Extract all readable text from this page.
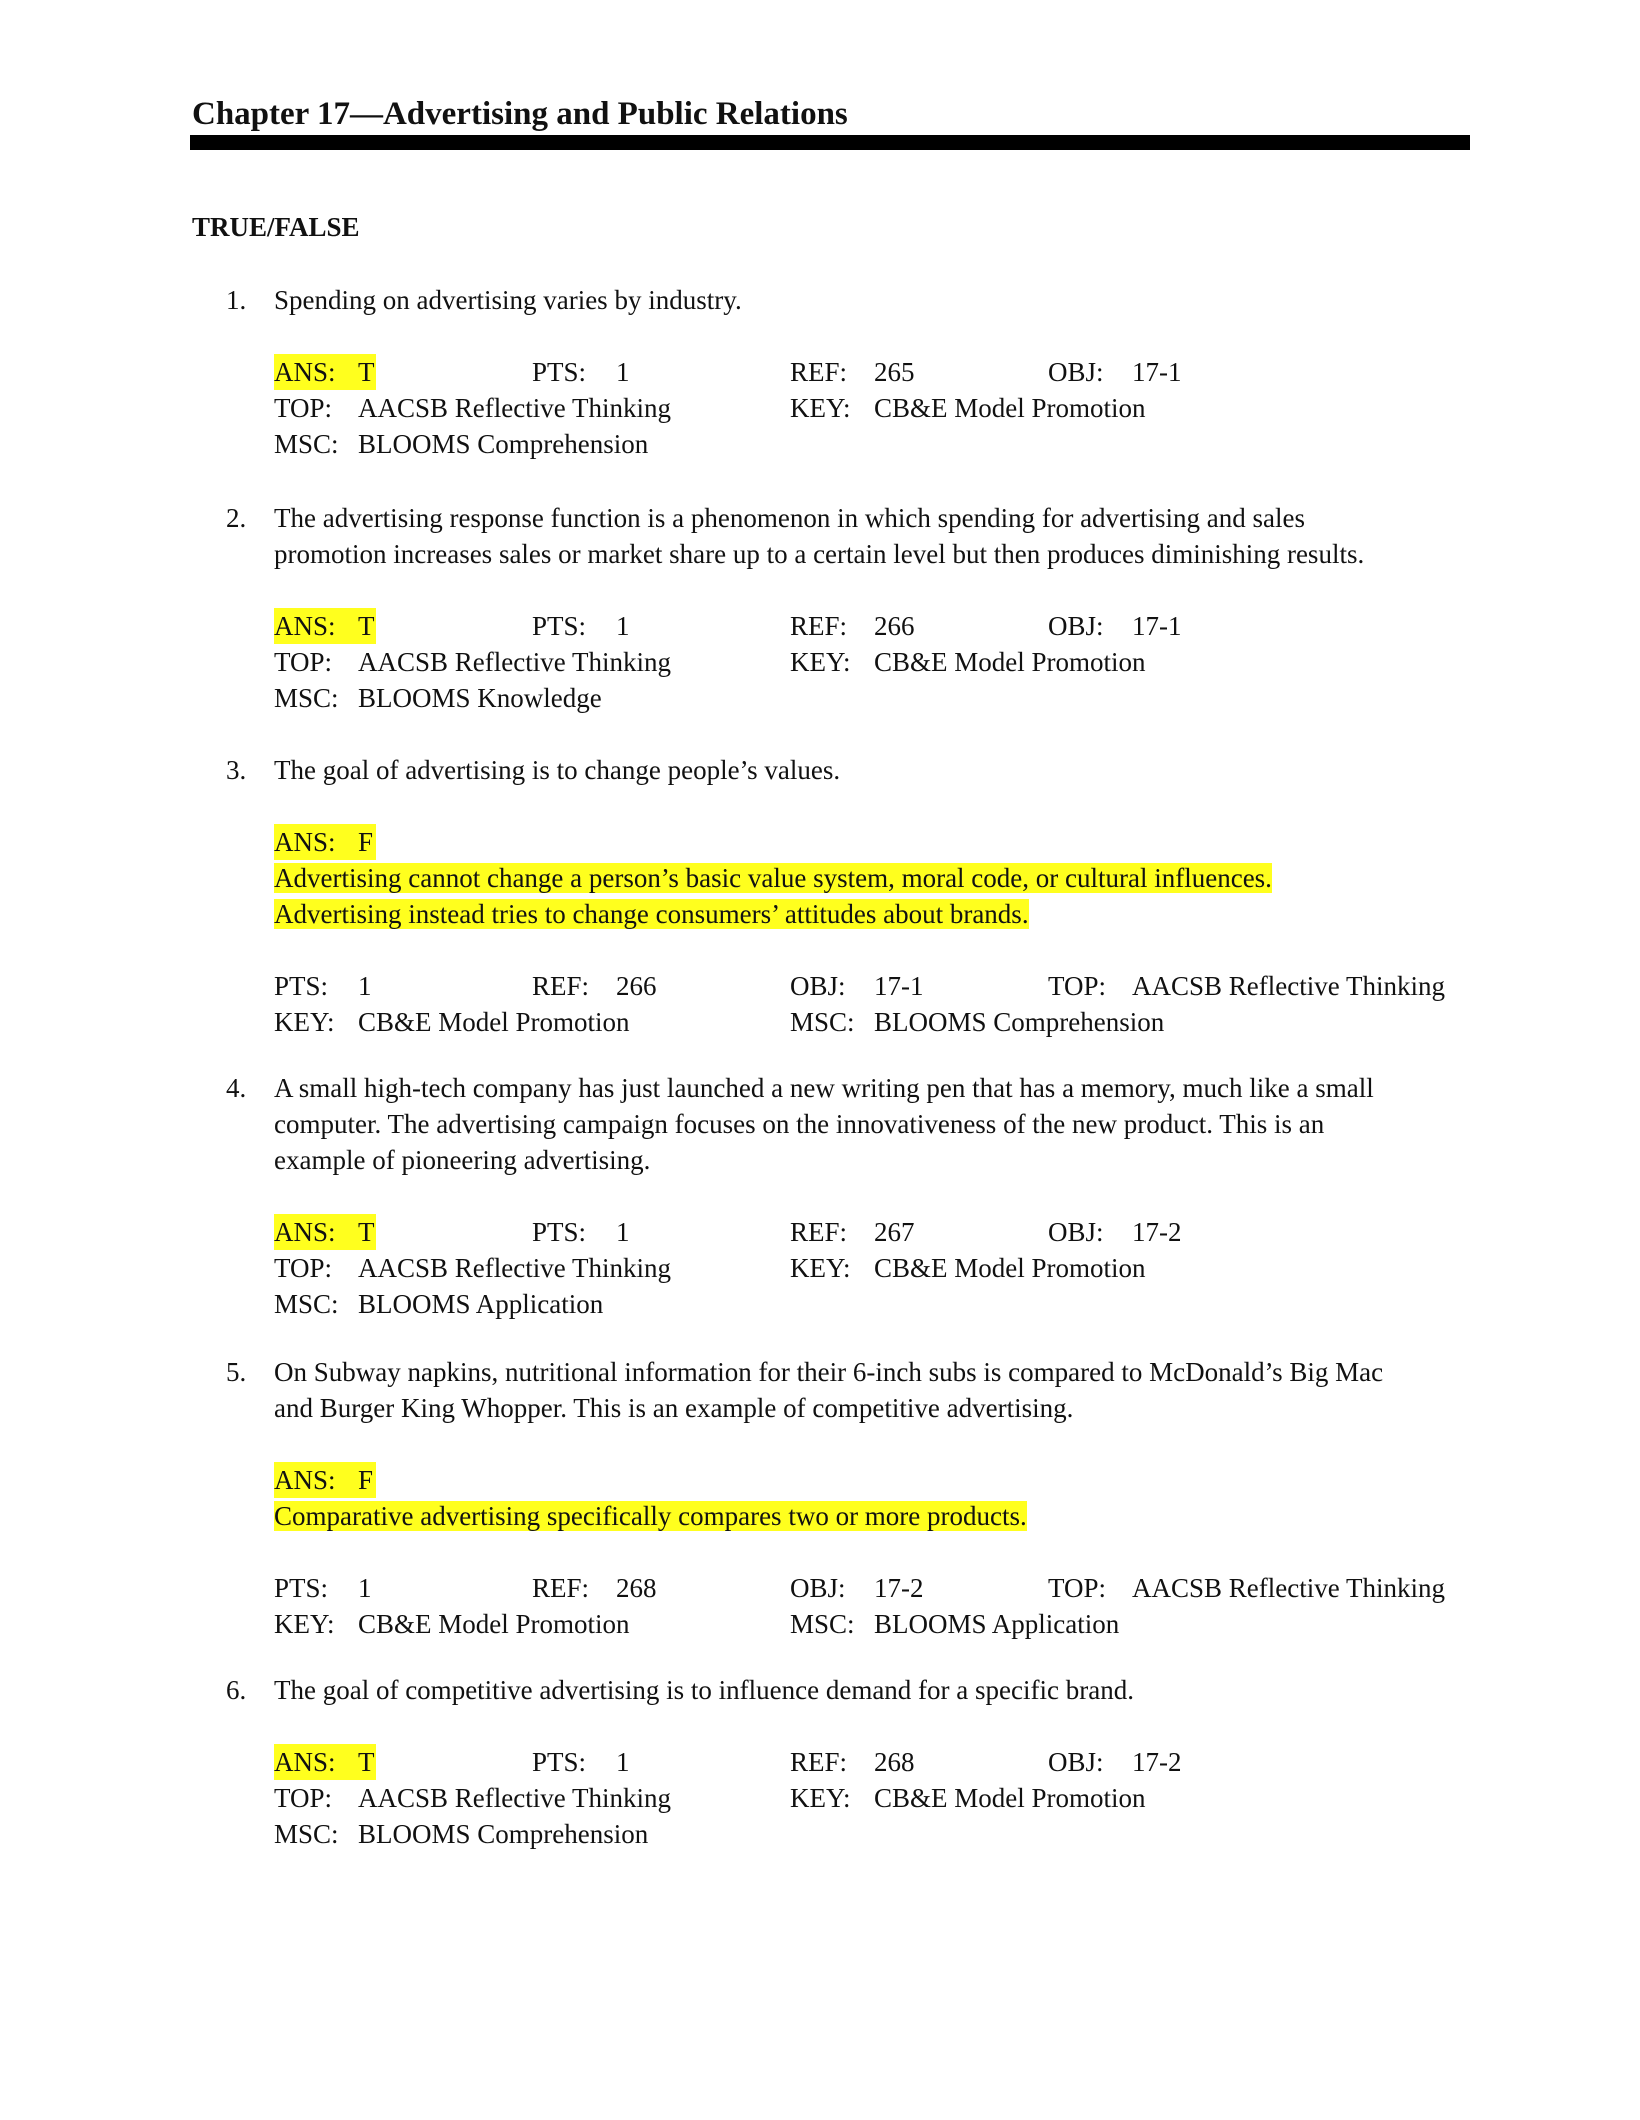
Chapter 17—Advertising and Public Relations
TRUE/FALSE
1. Spending on advertising varies by industry.
ANS: T	PTS: 1	REF: 265	OBJ: 17-1
TOP: AACSB Reflective Thinking	KEY: CB&E Model Promotion
MSC: BLOOMS Comprehension
2. The advertising response function is a phenomenon in which spending for advertising and sales
promotion increases sales or market share up to a certain level but then produces diminishing results.
ANS: T	PTS: 1	REF: 266	OBJ: 17-1
TOP: AACSB Reflective Thinking	KEY: CB&E Model Promotion
MSC: BLOOMS Knowledge
3. The goal of advertising is to change people’s values.
ANS: F
Advertising cannot change a person’s basic value system, moral code, or cultural influences.
Advertising instead tries to change consumers’ attitudes about brands.
PTS: 1	REF: 266	OBJ: 17-1	TOP: AACSB Reflective Thinking
KEY: CB&E Model Promotion	MSC: BLOOMS Comprehension
4. A small high-tech company has just launched a new writing pen that has a memory, much like a small
computer. The advertising campaign focuses on the innovativeness of the new product. This is an
example of pioneering advertising.
ANS: T	PTS: 1	REF: 267	OBJ: 17-2
TOP: AACSB Reflective Thinking	KEY: CB&E Model Promotion
MSC: BLOOMS Application
5. On Subway napkins, nutritional information for their 6-inch subs is compared to McDonald’s Big Mac
and Burger King Whopper. This is an example of competitive advertising.
ANS: F
Comparative advertising specifically compares two or more products.
PTS: 1	REF: 268	OBJ: 17-2	TOP: AACSB Reflective Thinking
KEY: CB&E Model Promotion	MSC: BLOOMS Application
6. The goal of competitive advertising is to influence demand for a specific brand.
ANS: T	PTS: 1	REF: 268	OBJ: 17-2
TOP: AACSB Reflective Thinking	KEY: CB&E Model Promotion
MSC: BLOOMS Comprehension
